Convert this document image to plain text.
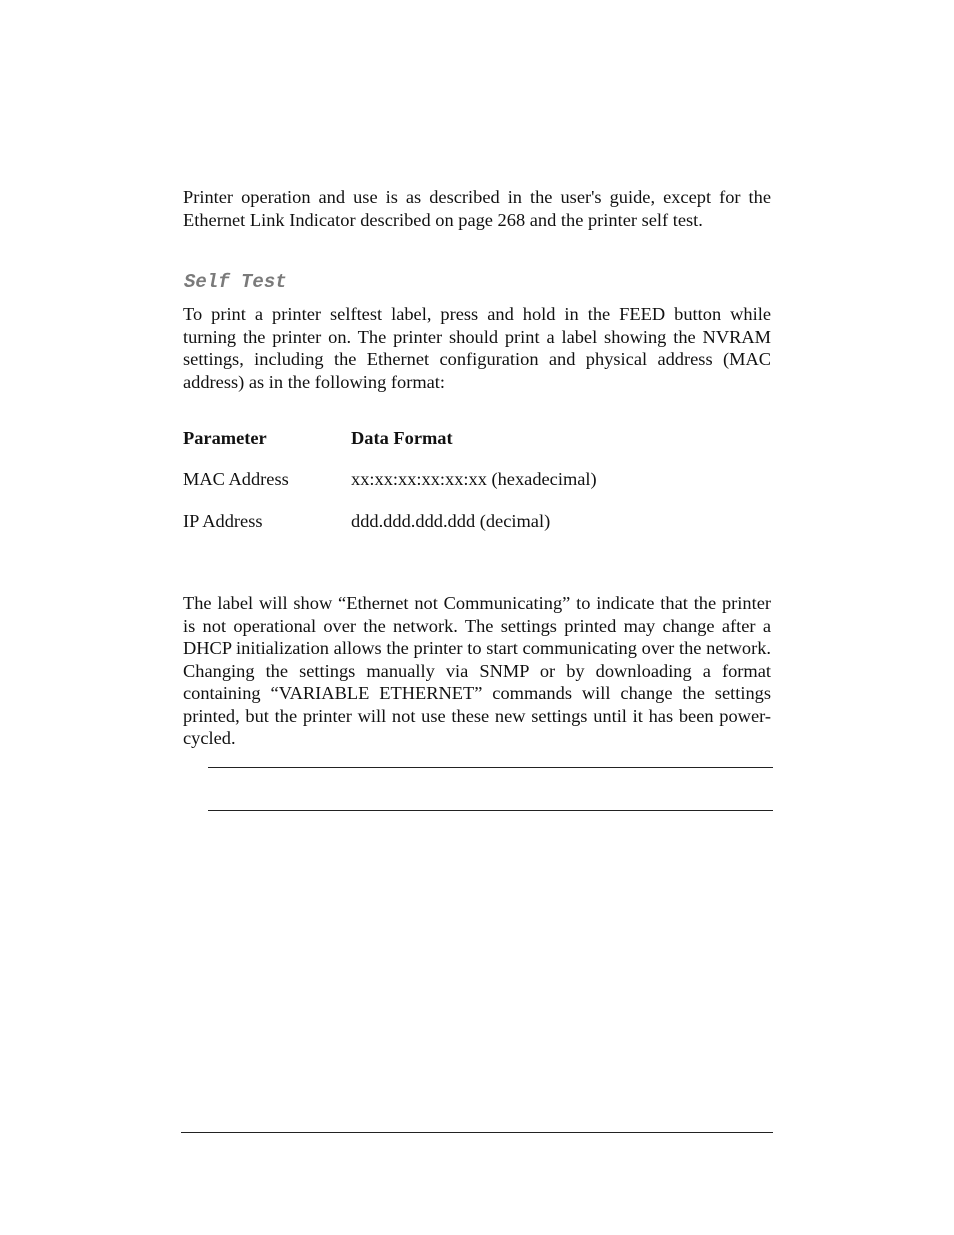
Printer operation and use is as described in the user's guide, except for the Ethernet Link Indicator described on page 268 and the printer self test.

Self Test

To print a printer selftest label, press and hold in the FEED button while turning the printer on. The printer should print a label showing the NVRAM settings, including the Ethernet configuration and physical address (MAC address) as in the following format:

Parameter	Data Format
MAC Address	xx:xx:xx:xx:xx:xx (hexadecimal)
IP Address	ddd.ddd.ddd.ddd (decimal)

The label will show “Ethernet not Communicating” to indicate that the printer is not operational over the network. The settings printed may change after a DHCP initialization allows the printer to start communicating over the network. Changing the settings manually via SNMP or by downloading a format containing “VARIABLE ETHERNET” commands will change the settings printed, but the printer will not use these new settings until it has been power-cycled.
